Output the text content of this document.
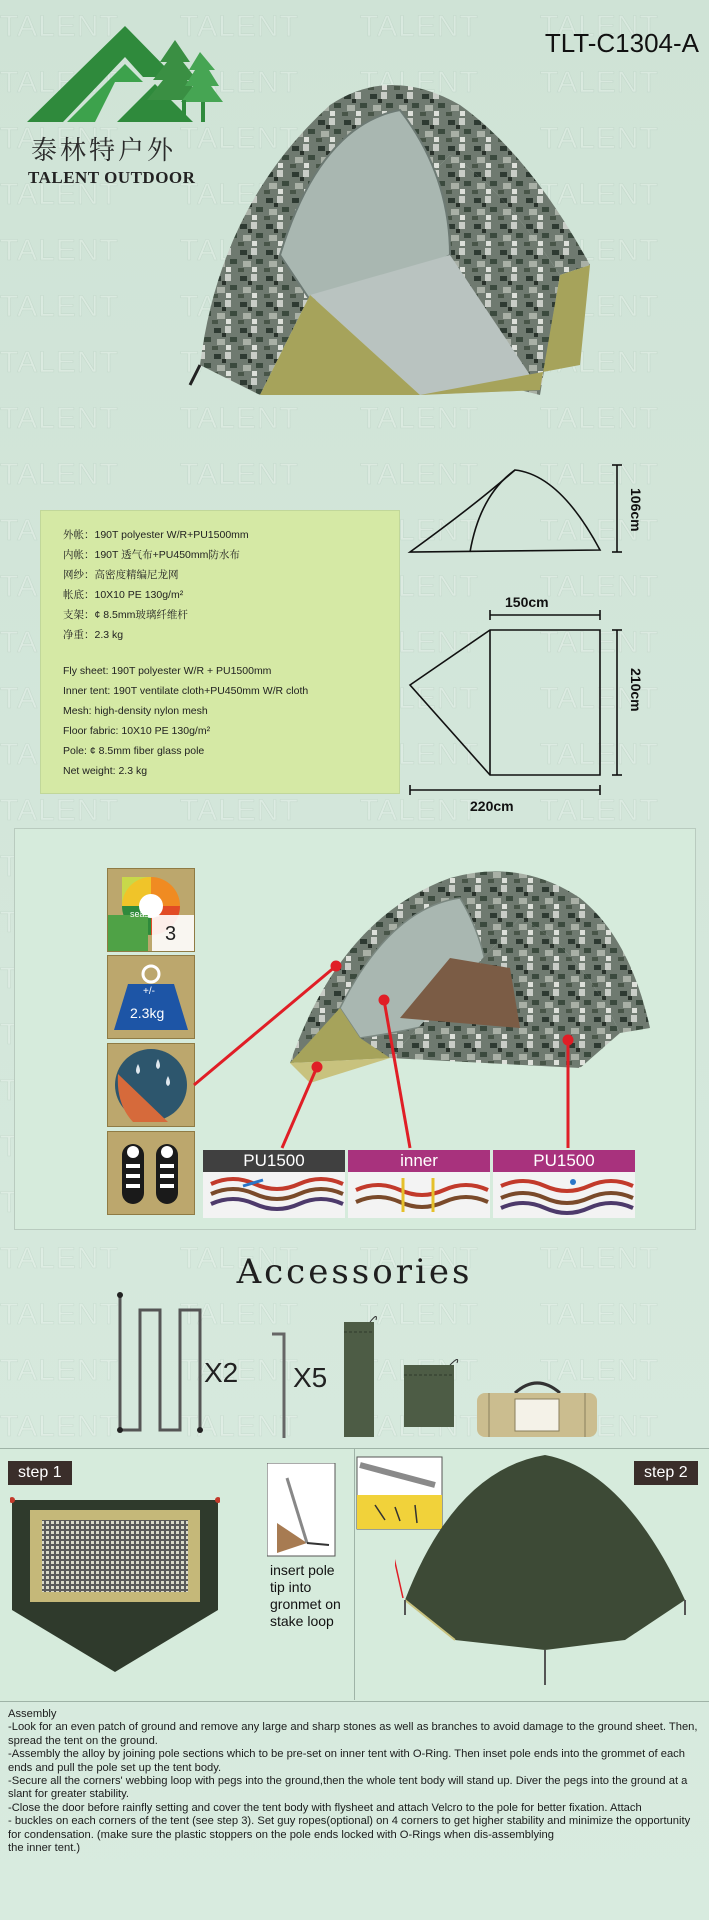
泰林特户外
TALENT OUTDOOR
TLT-C1304-A
外帐：190T polyester W/R+PU1500mm
内帐：190T 透气布+PU450mm防水布
网纱：高密度精编尼龙网
帐底：10X10 PE 130g/m²
支架：¢ 8.5mm玻璃纤维杆
净重：2.3 kg
Fly sheet: 190T polyester W/R + PU1500mm
Inner tent: 190T ventilate cloth+PU450mm W/R cloth
Mesh: high-density nylon mesh
Floor fabric: 10X10 PE 130g/m²
Pole: ¢ 8.5mm fiber glass pole
Net weight: 2.3 kg
106cm
150cm
210cm
220cm
season
3
+/-
2.3kg
PU1500	inner	PU1500
Accessories
X2 X5
step 1
insert pole
tip into
gronmet on
stake loop
step 2
Assembly
-Look for an even patch of ground and remove any large and sharp stones as well as branches to avoid damage to the ground sheet. Then, spread the tent on the ground.
-Assembly the alloy by joining pole sections which to be pre-set on inner tent with O-Ring. Then inset pole ends into the grommet of each ends and pull the pole set up the tent body.
-Secure all the corners' webbing loop with pegs into the ground,then the whole tent body will stand up. Diver the pegs into the ground at a slant for greater stability.
-Close the door before rainfly setting and cover the tent body with flysheet and attach Velcro to the pole for better fixation. Attach
- buckles on each corners of the tent (see step 3). Set guy ropes(optional) on 4 corners to get higher stability and minimize the opportunity for condensation. (make sure the plastic stoppers on the pole ends locked with O-Rings when dis-assemblying
the inner tent.)
